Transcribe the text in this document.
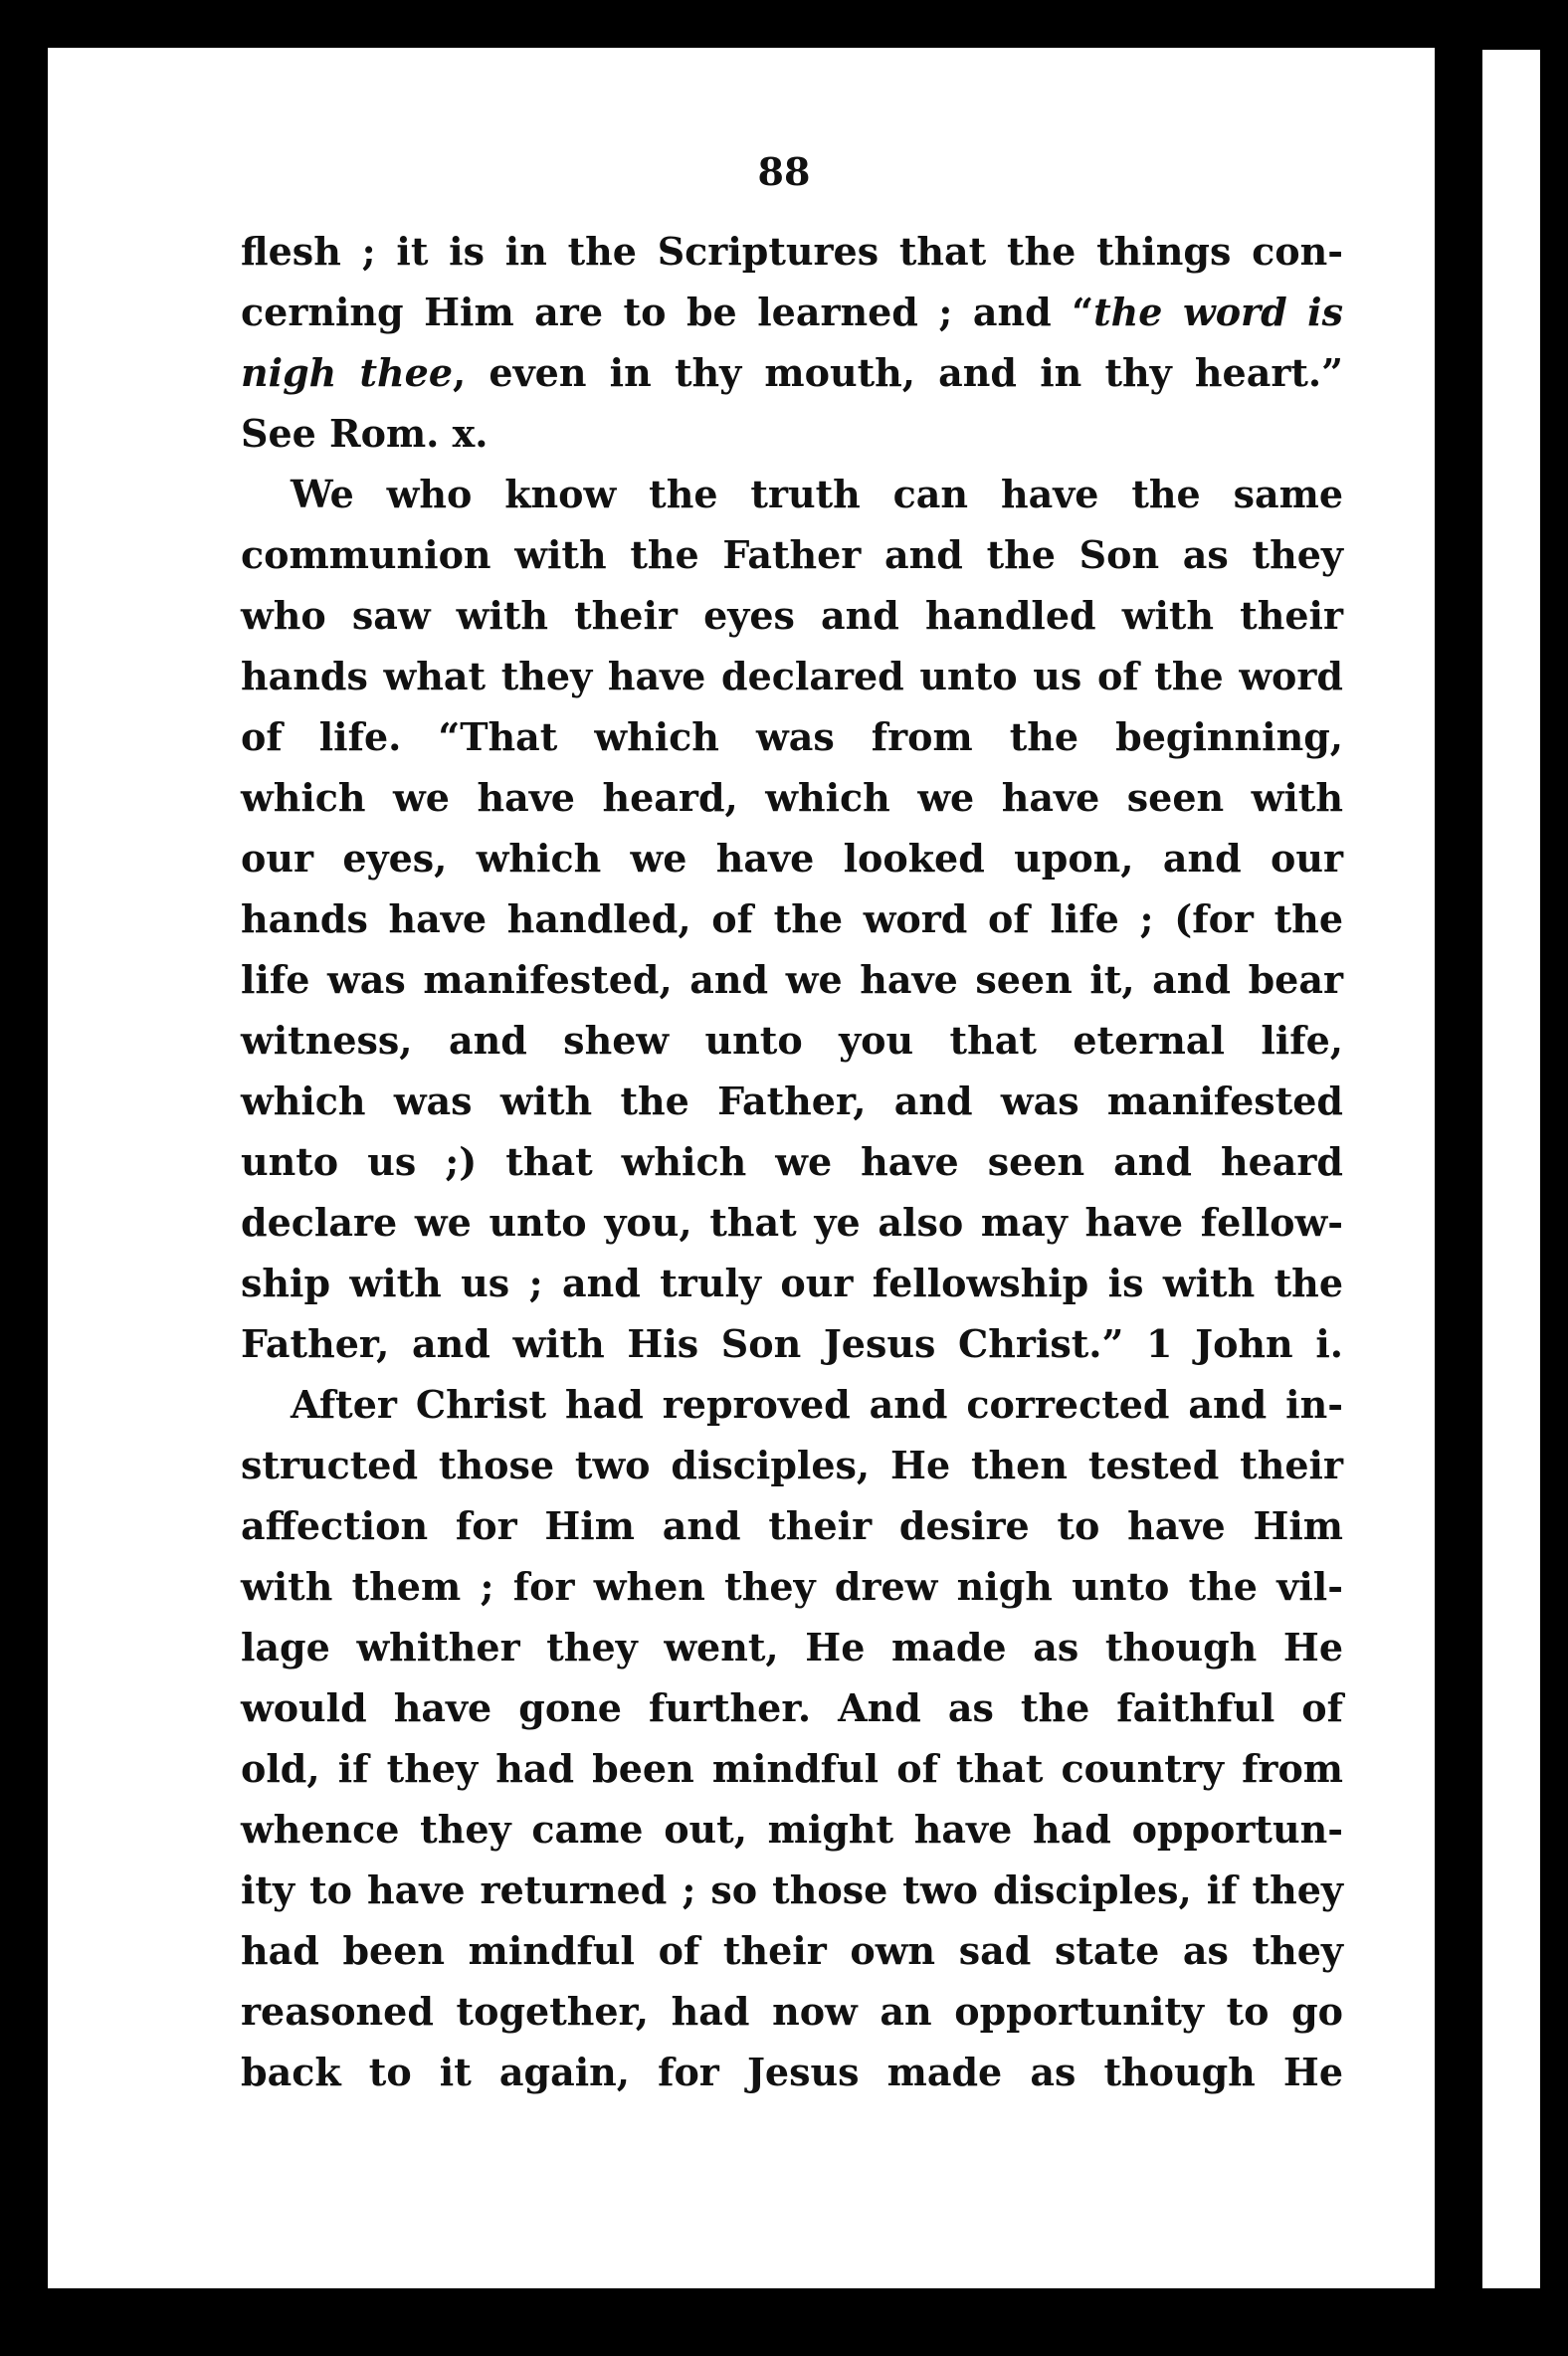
88

flesh ; it is in the Scriptures that the things con-
cerning Him are to be learned ; and “the word is
nigh thee, even in thy mouth, and in thy heart.”
See Rom. x.
We who know the truth can have the same
communion with the Father and the Son as they
who saw with their eyes and handled with their
hands what they have declared unto us of the word
of life. “That which was from the beginning,
which we have heard, which we have seen with
our eyes, which we have looked upon, and our
hands have handled, of the word of life ; (for the
life was manifested, and we have seen it, and bear
witness, and shew unto you that eternal life,
which was with the Father, and was manifested
unto us ;) that which we have seen and heard
declare we unto you, that ye also may have fellow-
ship with us ; and truly our fellowship is with the
Father, and with His Son Jesus Christ.” 1 John i.
After Christ had reproved and corrected and in-
structed those two disciples, He then tested their
affection for Him and their desire to have Him
with them ; for when they drew nigh unto the vil-
lage whither they went, He made as though He
would have gone further. And as the faithful of
old, if they had been mindful of that country from
whence they came out, might have had opportun-
ity to have returned ; so those two disciples, if they
had been mindful of their own sad state as they
reasoned together, had now an opportunity to go
back to it again, for Jesus made as though He
